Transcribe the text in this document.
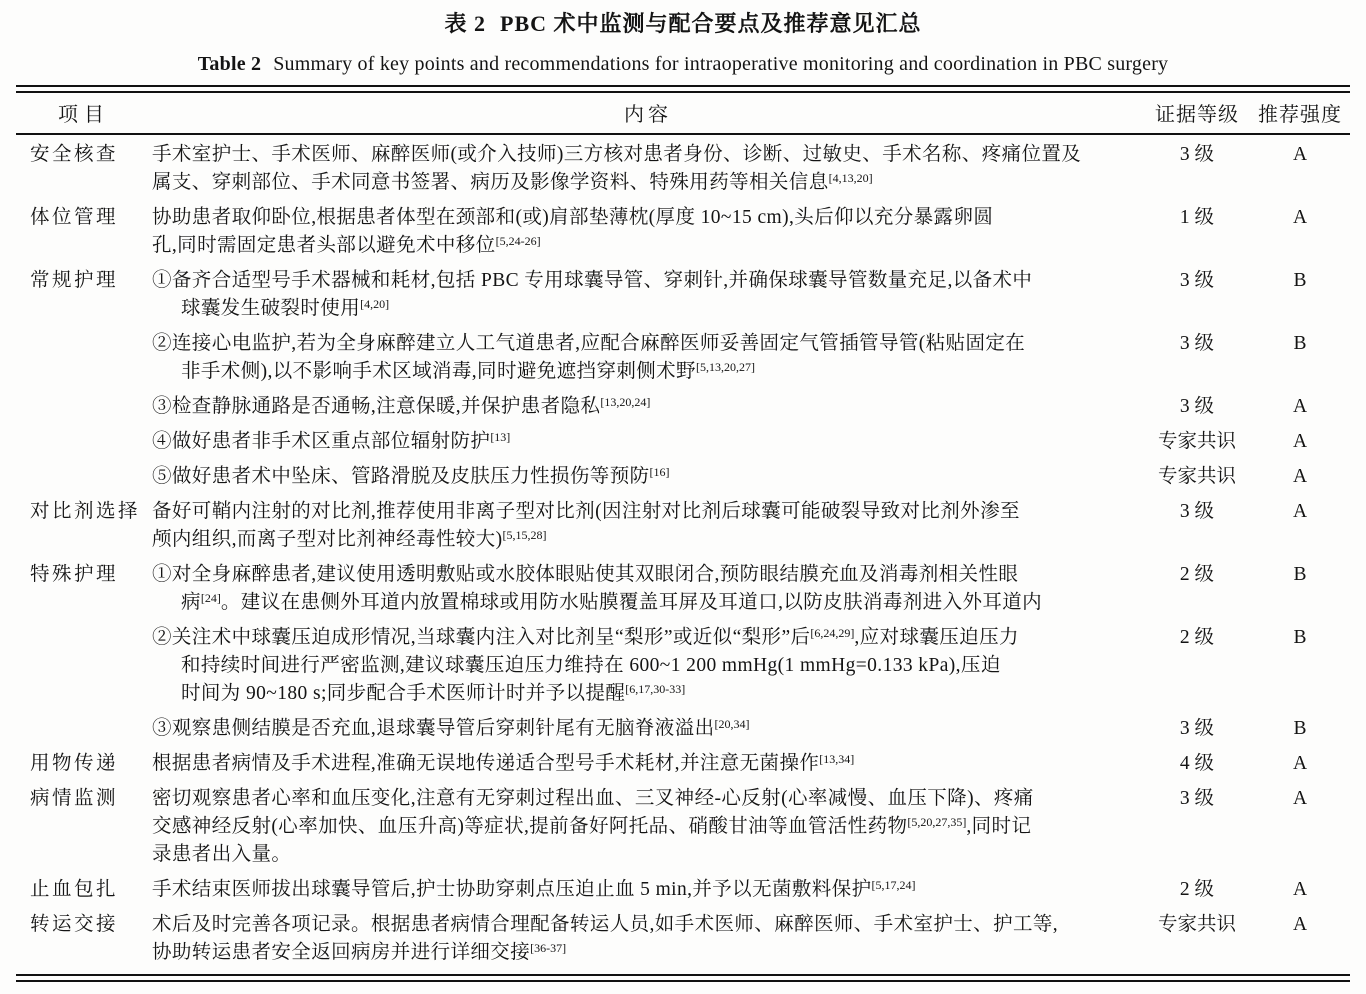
表 2 PBC 术中监测与配合要点及推荐意见汇总
Table 2 Summary of key points and recommendations for intraoperative monitoring and coordination in PBC surgery
项目	内容	证据等级 推荐强度
安全核查	手术室护士、手术医师、麻醉医师(或介入技师)三方核对患者身份、诊断、过敏史、手术名称、疼痛位置及
属支、穿刺部位、手术同意书签署、病历及影像学资料、特殊用药等相关信息[4,13,20]
3 级	A
体位管理	协助患者取仰卧位,根据患者体型在颈部和(或)肩部垫薄枕(厚度 10~15 cm),头后仰以充分暴露卵圆
孔,同时需固定患者头部以避免术中移位[5,24-26]
1 级	A
常规护理	①备齐合适型号手术器械和耗材,包括 PBC 专用球囊导管、穿刺针,并确保球囊导管数量充足,以备术中
球囊发生破裂时使用[4,20]
3 级	B
②连接心电监护,若为全身麻醉建立人工气道患者,应配合麻醉医师妥善固定气管插管导管(粘贴固定在
非手术侧),以不影响手术区域消毒,同时避免遮挡穿刺侧术野[5,13,20,27]
3 级	B
③检查静脉通路是否通畅,注意保暖,并保护患者隐私[13,20,24]	3 级	A
④做好患者非手术区重点部位辐射防护[13]	专家共识	A
⑤做好患者术中坠床、管路滑脱及皮肤压力性损伤等预防[16]	专家共识	A
对比剂选择 备好可鞘内注射的对比剂,推荐使用非离子型对比剂(因注射对比剂后球囊可能破裂导致对比剂外渗至
颅内组织,而离子型对比剂神经毒性较大)[5,15,28]
3 级	A
特殊护理	①对全身麻醉患者,建议使用透明敷贴或水胶体眼贴使其双眼闭合,预防眼结膜充血及消毒剂相关性眼
病[24]。建议在患侧外耳道内放置棉球或用防水贴膜覆盖耳屏及耳道口,以防皮肤消毒剂进入外耳道内
2 级	B
②关注术中球囊压迫成形情况,当球囊内注入对比剂呈“梨形”或近似“梨形”后[6,24,29],应对球囊压迫压力
和持续时间进行严密监测,建议球囊压迫压力维持在 600~1 200 mmHg(1 mmHg=0.133 kPa),压迫
时间为 90~180 s;同步配合手术医师计时并予以提醒[6,17,30-33]
2 级	B
③观察患侧结膜是否充血,退球囊导管后穿刺针尾有无脑脊液溢出[20,34]	3 级	B
用物传递	根据患者病情及手术进程,准确无误地传递适合型号手术耗材,并注意无菌操作[13,34]	4 级	A
病情监测	密切观察患者心率和血压变化,注意有无穿刺过程出血、三叉神经-心反射(心率减慢、血压下降)、疼痛
交感神经反射(心率加快、血压升高)等症状,提前备好阿托品、硝酸甘油等血管活性药物[5,20,27,35],同时记
录患者出入量。
3 级	A
止血包扎	手术结束医师拔出球囊导管后,护士协助穿刺点压迫止血 5 min,并予以无菌敷料保护[5,17,24]	2 级	A
转运交接	术后及时完善各项记录。根据患者病情合理配备转运人员,如手术医师、麻醉医师、手术室护士、护工等,
协助转运患者安全返回病房并进行详细交接[36-37]
专家共识	A
